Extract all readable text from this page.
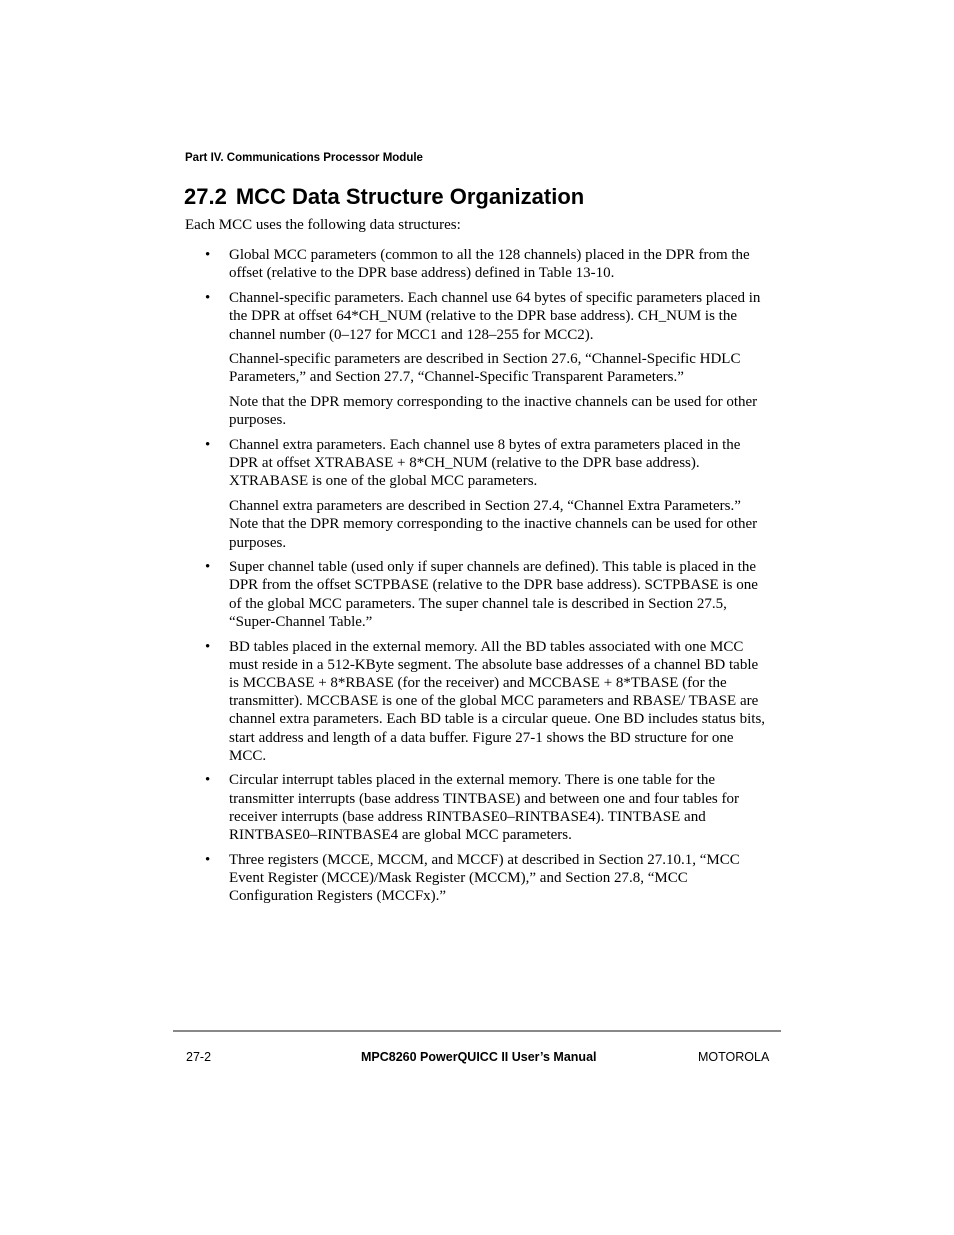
Part IV. Communications Processor Module
27.2 MCC Data Structure Organization

Each MCC uses the following data structures:

• Global MCC parameters (common to all the 128 channels) placed in the DPR from the offset (relative to the DPR base address) defined in Table 13-10.

• Channel-specific parameters. Each channel use 64 bytes of specific parameters placed in the DPR at offset 64*CH_NUM (relative to the DPR base address). CH_NUM is the channel number (0–127 for MCC1 and 128–255 for MCC2).

Channel-specific parameters are described in Section 27.6, “Channel-Specific HDLC Parameters,” and Section 27.7, “Channel-Specific Transparent Parameters.”

Note that the DPR memory corresponding to the inactive channels can be used for other purposes.

• Channel extra parameters. Each channel use 8 bytes of extra parameters placed in the DPR at offset XTRABASE + 8*CH_NUM (relative to the DPR base address). XTRABASE is one of the global MCC parameters.

Channel extra parameters are described in Section 27.4, “Channel Extra Parameters.” Note that the DPR memory corresponding to the inactive channels can be used for other purposes.

• Super channel table (used only if super channels are defined). This table is placed in the DPR from the offset SCTPBASE (relative to the DPR base address). SCTPBASE is one of the global MCC parameters. The super channel tale is described in Section 27.5, “Super-Channel Table.”

• BD tables placed in the external memory. All the BD tables associated with one MCC must reside in a 512-KByte segment. The absolute base addresses of a channel BD table is MCCBASE + 8*RBASE (for the receiver) and MCCBASE + 8*TBASE (for the transmitter). MCCBASE is one of the global MCC parameters and RBASE/ TBASE are channel extra parameters. Each BD table is a circular queue. One BD includes status bits, start address and length of a data buffer. Figure 27-1 shows the BD structure for one MCC.

• Circular interrupt tables placed in the external memory. There is one table for the transmitter interrupts (base address TINTBASE) and between one and four tables for receiver interrupts (base address RINTBASE0–RINTBASE4). TINTBASE and RINTBASE0–RINTBASE4 are global MCC parameters.

• Three registers (MCCE, MCCM, and MCCF) at described in Section 27.10.1, “MCC Event Register (MCCE)/Mask Register (MCCM),” and Section 27.8, “MCC Configuration Registers (MCCFx).”

27-2	MPC8260 PowerQUICC II User’s Manual	MOTOROLA
